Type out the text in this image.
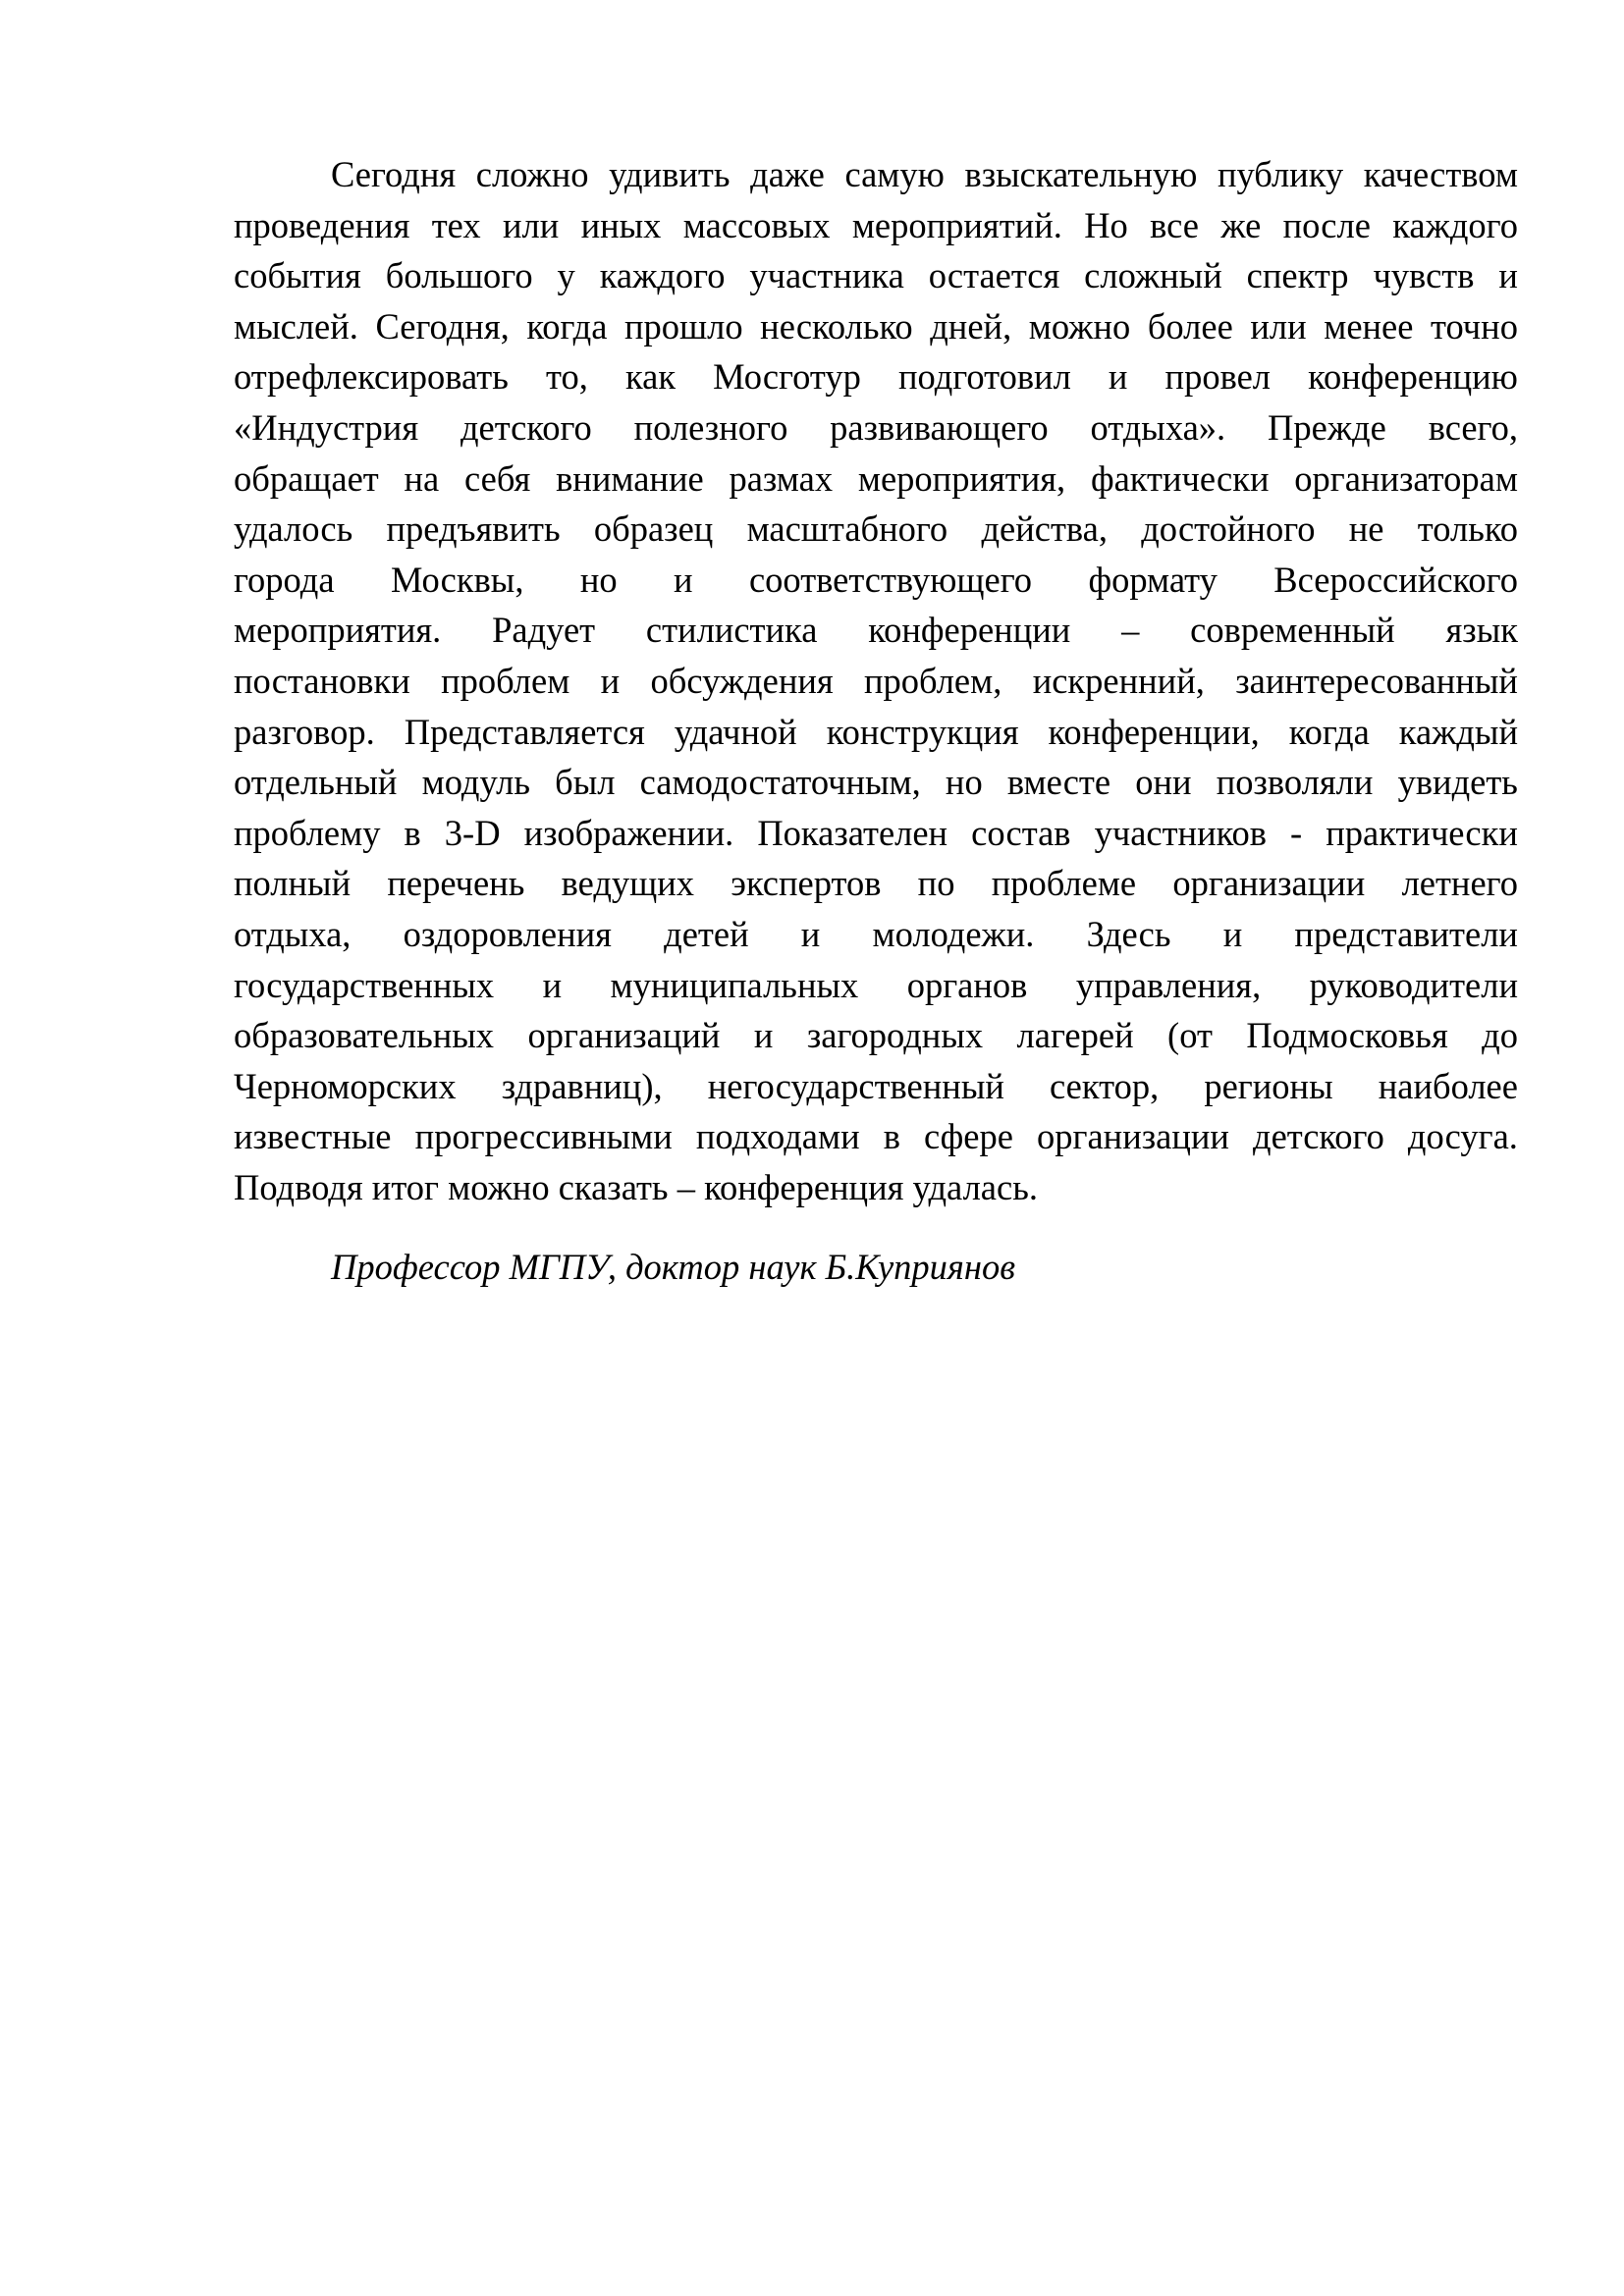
Сегодня сложно удивить даже самую взыскательную публику качеством
проведения тех или иных массовых мероприятий. Но все же после каждого
события большого у каждого участника остается сложный спектр чувств и
мыслей. Сегодня, когда прошло несколько дней, можно более или менее точно
отрефлексировать то, как Мосготур подготовил и провел конференцию
«Индустрия детского полезного развивающего отдыха». Прежде всего,
обращает на себя внимание размах мероприятия, фактически организаторам
удалось предъявить образец масштабного действа, достойного не только
города Москвы, но и соответствующего формату Всероссийского
мероприятия. Радует стилистика конференции – современный язык
постановки проблем и обсуждения проблем, искренний, заинтересованный
разговор. Представляется удачной конструкция конференции, когда каждый
отдельный модуль был самодостаточным, но вместе они позволяли увидеть
проблему в 3-D изображении. Показателен состав участников - практически
полный перечень ведущих экспертов по проблеме организации летнего
отдыха, оздоровления детей и молодежи. Здесь и представители
государственных и муниципальных органов управления, руководители
образовательных организаций и загородных лагерей (от Подмосковья до
Черноморских здравниц), негосударственный сектор, регионы наиболее
известные прогрессивными подходами в сфере организации детского досуга.
Подводя итог можно сказать – конференция удалась.
Профессор МГПУ, доктор наук Б.Куприянов
